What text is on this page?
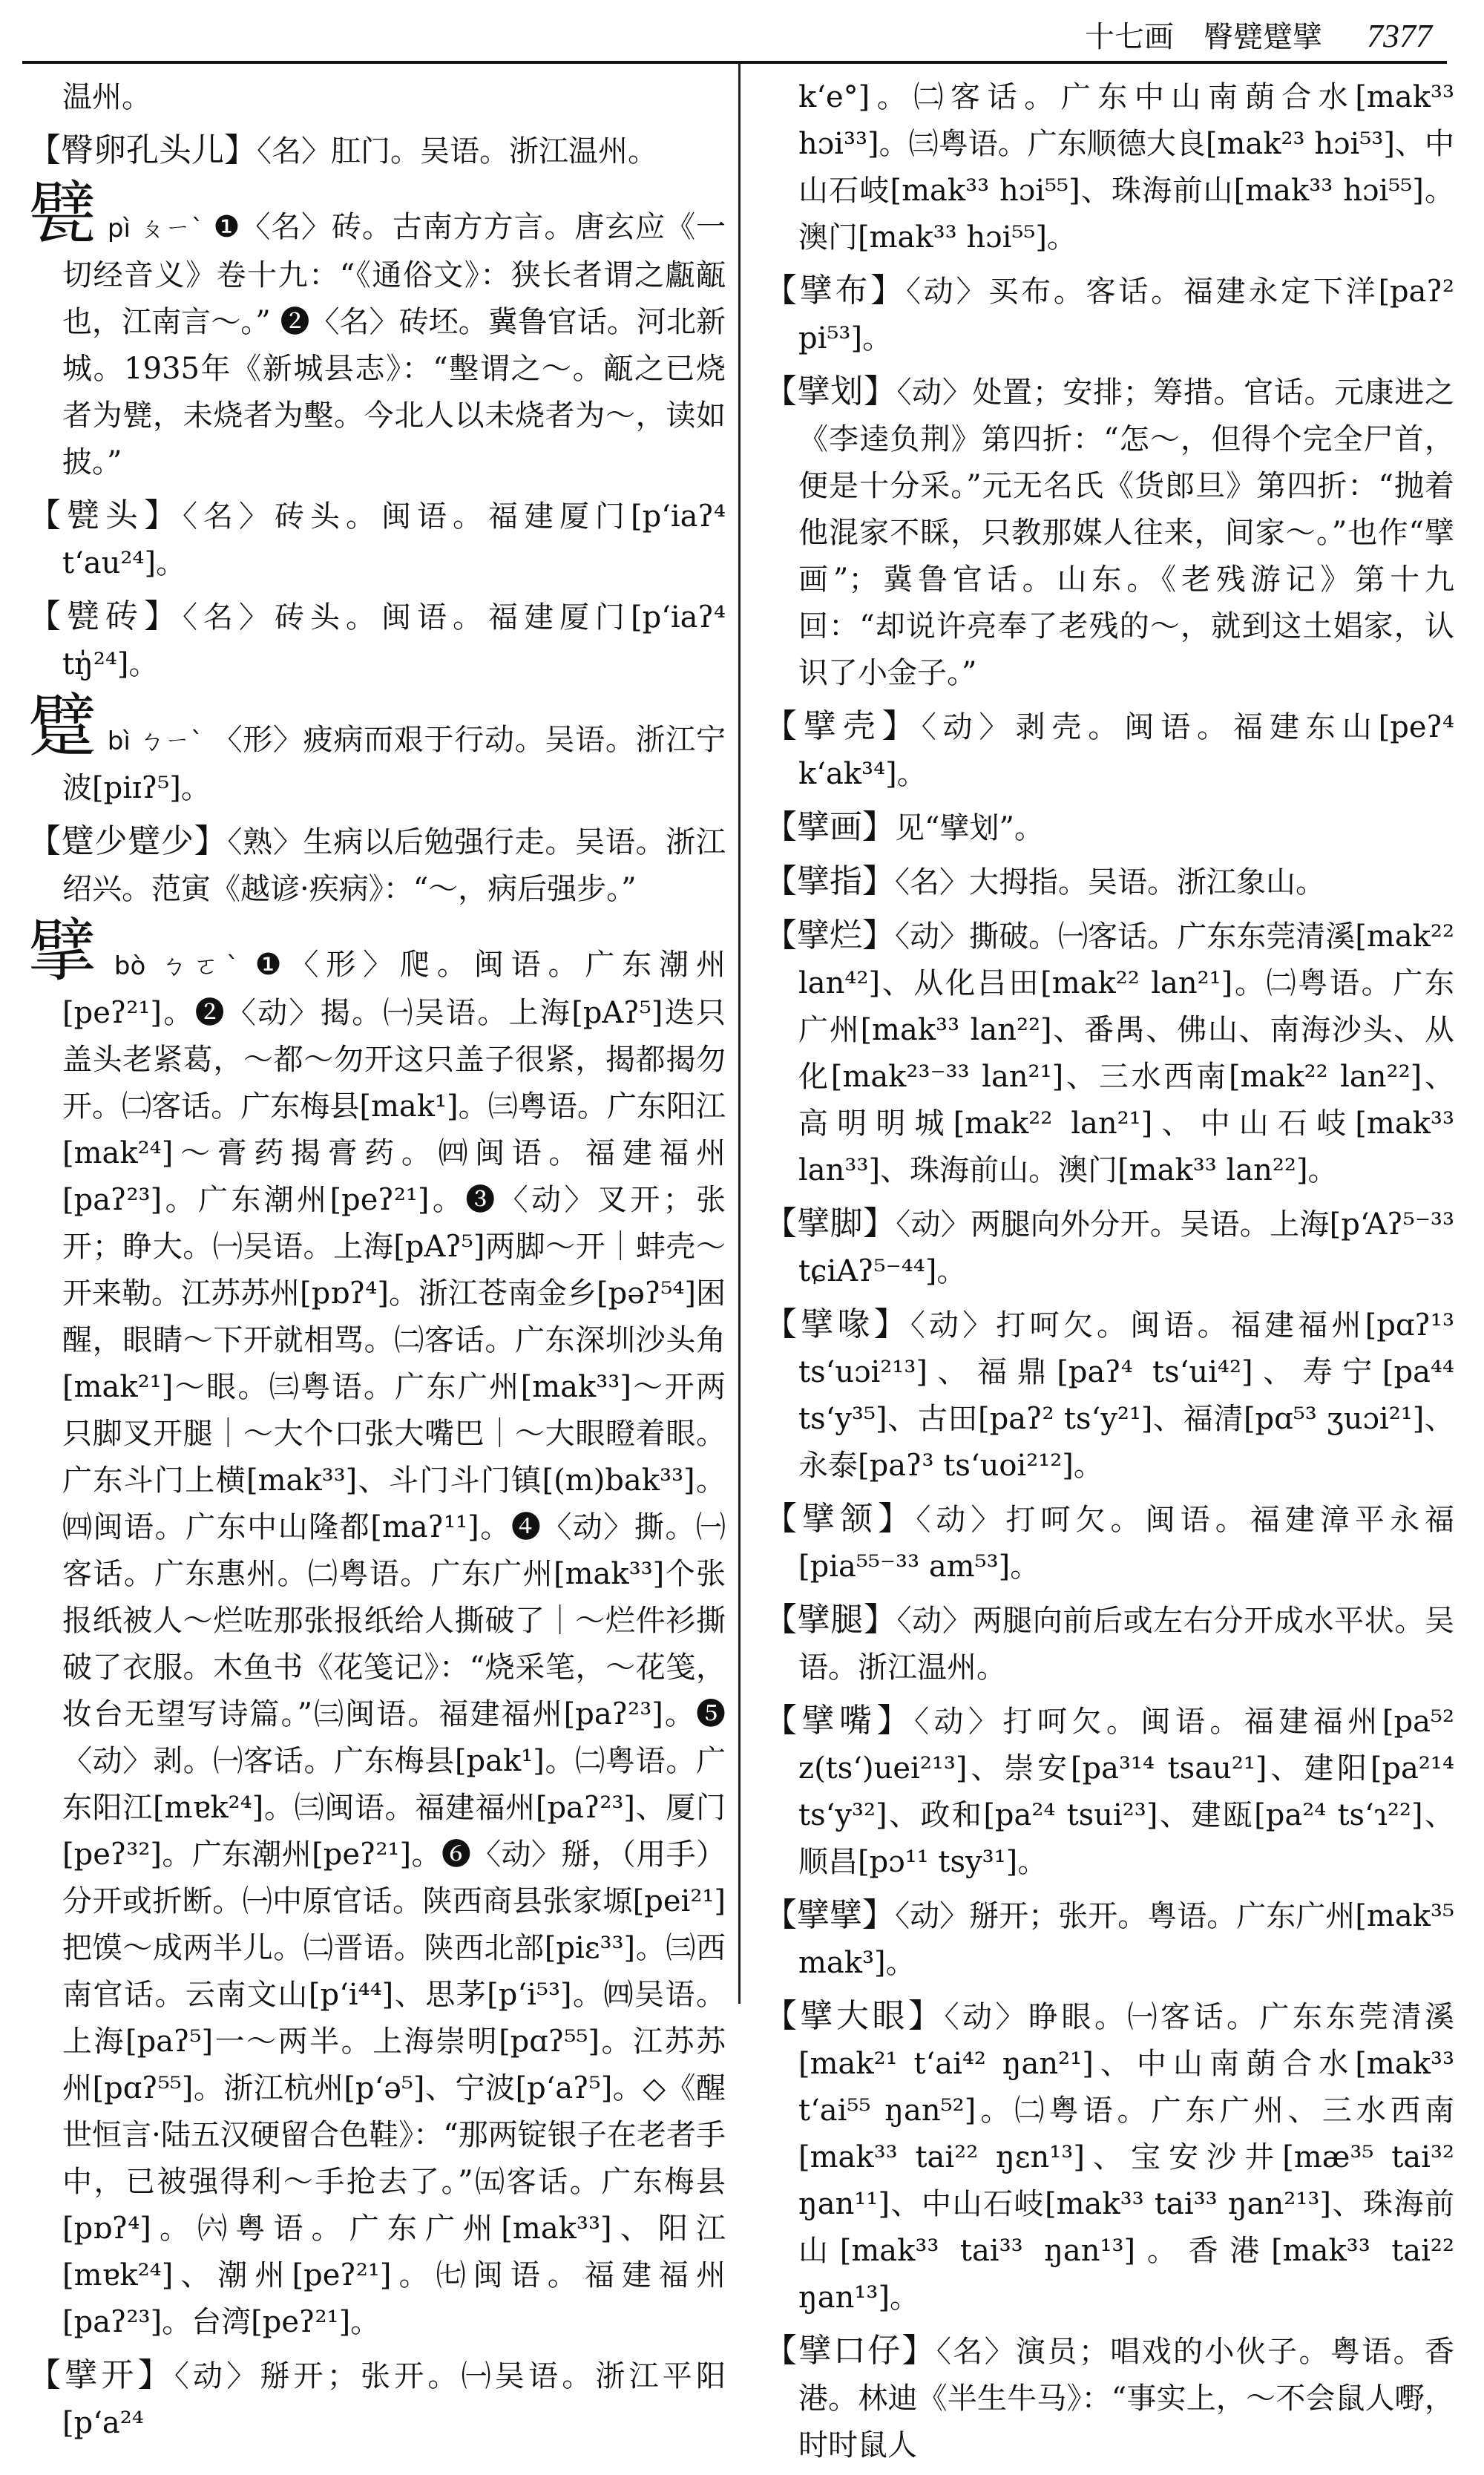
十七画 臀甓躄擘 7377
温州。
【臀卵孔头儿】〈名〉肛门。吴语。浙江温州。
甓pì ㄆㄧˋ ❶〈名〉砖。古南方方言。唐玄应《一切经音义》卷十九：“《通俗文》：狭长者谓之甗甋也，江南言～。” ❷〈名〉砖坯。冀鲁官话。河北新城。1935年《新城县志》：“墼谓之～。甋之已烧者为甓，未烧者为墼。今北人以未烧者为～，读如披。”
【甓头】〈名〉砖头。闽语。福建厦门[pʻiaʔ⁴ tʻau²⁴]。
【甓砖】〈名〉砖头。闽语。福建厦门[pʻiaʔ⁴ tŋ̍²⁴]。
躄bì ㄅㄧˋ 〈形〉疲病而艰于行动。吴语。浙江宁波[piɪʔ⁵]。
【躄少躄少】〈熟〉生病以后勉强行走。吴语。浙江绍兴。范寅《越谚·疾病》：“～，病后强步。”
擘bò ㄅㄛˋ ❶〈形〉爬。闽语。广东潮州[peʔ²¹]。❷〈动〉揭。㈠吴语。上海[pAʔ⁵]迭只盖头老紧葛，～都～勿开这只盖子很紧，揭都揭勿开。㈡客话。广东梅县[mak¹]。㈢粤语。广东阳江[mak²⁴]～膏药揭膏药。㈣闽语。福建福州[paʔ²³]。广东潮州[peʔ²¹]。❸〈动〉叉开；张开；睁大。㈠吴语。上海[pAʔ⁵]两脚～开｜蚌壳～开来勒。江苏苏州[pɒʔ⁴]。浙江苍南金乡[pəʔ⁵⁴]困醒，眼睛～下开就相骂。㈡客话。广东深圳沙头角[mak²¹]～眼。㈢粤语。广东广州[mak³³]～开两只脚叉开腿｜～大个口张大嘴巴｜～大眼瞪着眼。广东斗门上横[mak³³]、斗门斗门镇[(m)bak³³]。㈣闽语。广东中山隆都[maʔ¹¹]。❹〈动〉撕。㈠客话。广东惠州。㈡粤语。广东广州[mak³³]个张报纸被人～烂咗那张报纸给人撕破了｜～烂件衫撕破了衣服。木鱼书《花笺记》：“烧采笔，～花笺，妆台无望写诗篇。”㈢闽语。福建福州[paʔ²³]。❺〈动〉剥。㈠客话。广东梅县[pak¹]。㈡粤语。广东阳江[mɐk²⁴]。㈢闽语。福建福州[paʔ²³]、厦门[peʔ³²]。广东潮州[peʔ²¹]。❻〈动〉掰，（用手）分开或折断。㈠中原官话。陕西商县张家塬[pei²¹]把馍～成两半儿。㈡晋语。陕西北部[piɛ³³]。㈢西南官话。云南文山[pʻi⁴⁴]、思茅[pʻi⁵³]。㈣吴语。上海[paʔ⁵]一～两半。上海崇明[pɑʔ⁵⁵]。江苏苏州[pɑʔ⁵⁵]。浙江杭州[pʻə⁵]、宁波[pʻaʔ⁵]。◇《醒世恒言·陆五汉硬留合色鞋》：“那两锭银子在老者手中，已被强得利～手抢去了。”㈤客话。广东梅县[pɒʔ⁴]。㈥粤语。广东广州[mak³³]、阳江[mɐk²⁴]、潮州[peʔ²¹]。㈦闽语。福建福州[paʔ²³]。台湾[peʔ²¹]。
【擘开】〈动〉掰开；张开。㈠吴语。浙江平阳[pʻa²⁴
kʻe°]。㈡客话。广东中山南蓢合水[mak³³ hɔi³³]。㈢粤语。广东顺德大良[mak²³ hɔi⁵³]、中山石岐[mak³³ hɔi⁵⁵]、珠海前山[mak³³ hɔi⁵⁵]。澳门[mak³³ hɔi⁵⁵]。
【擘布】〈动〉买布。客话。福建永定下洋[paʔ² pi⁵³]。
【擘划】〈动〉处置；安排；筹措。官话。元康进之《李逵负荆》第四折：“怎～，但得个完全尸首，便是十分采。”元无名氏《货郎旦》第四折：“抛着他混家不睬，只教那媒人往来，间家～。”也作“擘画”；冀鲁官话。山东。《老残游记》第十九回：“却说许亮奉了老残的～，就到这土娼家，认识了小金子。”
【擘壳】〈动〉剥壳。闽语。福建东山[peʔ⁴ kʻak³⁴]。
【擘画】见“擘划”。
【擘指】〈名〉大拇指。吴语。浙江象山。
【擘烂】〈动〉撕破。㈠客话。广东东莞清溪[mak²² lan⁴²]、从化吕田[mak²² lan²¹]。㈡粤语。广东广州[mak³³ lan²²]、番禺、佛山、南海沙头、从化[mak²³⁻³³ lan²¹]、三水西南[mak²² lan²²]、高明明城[mak²² lan²¹]、中山石岐[mak³³ lan³³]、珠海前山。澳门[mak³³ lan²²]。
【擘脚】〈动〉两腿向外分开。吴语。上海[pʻAʔ⁵⁻³³ tɕiAʔ⁵⁻⁴⁴]。
【擘喙】〈动〉打呵欠。闽语。福建福州[pɑʔ¹³ tsʻuɔi²¹³]、福鼎[paʔ⁴ tsʻui⁴²]、寿宁[pa⁴⁴ tsʻy³⁵]、古田[paʔ² tsʻy²¹]、福清[pɑ⁵³ ʒuɔi²¹]、永泰[paʔ³ tsʻuoi²¹²]。
【擘颔】〈动〉打呵欠。闽语。福建漳平永福[pia⁵⁵⁻³³ am⁵³]。
【擘腿】〈动〉两腿向前后或左右分开成水平状。吴语。浙江温州。
【擘嘴】〈动〉打呵欠。闽语。福建福州[pa⁵² z(tsʻ)uei²¹³]、崇安[pa³¹⁴ tsau²¹]、建阳[pa²¹⁴ tsʻy³²]、政和[pa²⁴ tsui²³]、建瓯[pa²⁴ tsʻɿ²²]、顺昌[pɔ¹¹ tsy³¹]。
【擘擘】〈动〉掰开；张开。粤语。广东广州[mak³⁵ mak³]。
【擘大眼】〈动〉睁眼。㈠客话。广东东莞清溪[mak²¹ tʻai⁴² ŋan²¹]、中山南蓢合水[mak³³ tʻai⁵⁵ ŋan⁵²]。㈡粤语。广东广州、三水西南[mak³³ tai²² ŋɛn¹³]、宝安沙井[mæ³⁵ tai³² ŋan¹¹]、中山石岐[mak³³ tai³³ ŋan²¹³]、珠海前山[mak³³ tai³³ ŋan¹³]。香港[mak³³ tai²² ŋan¹³]。
【擘口仔】〈名〉演员；唱戏的小伙子。粤语。香港。林迪《半生牛马》：“事实上，～不会鼠人嘢，时时鼠人
